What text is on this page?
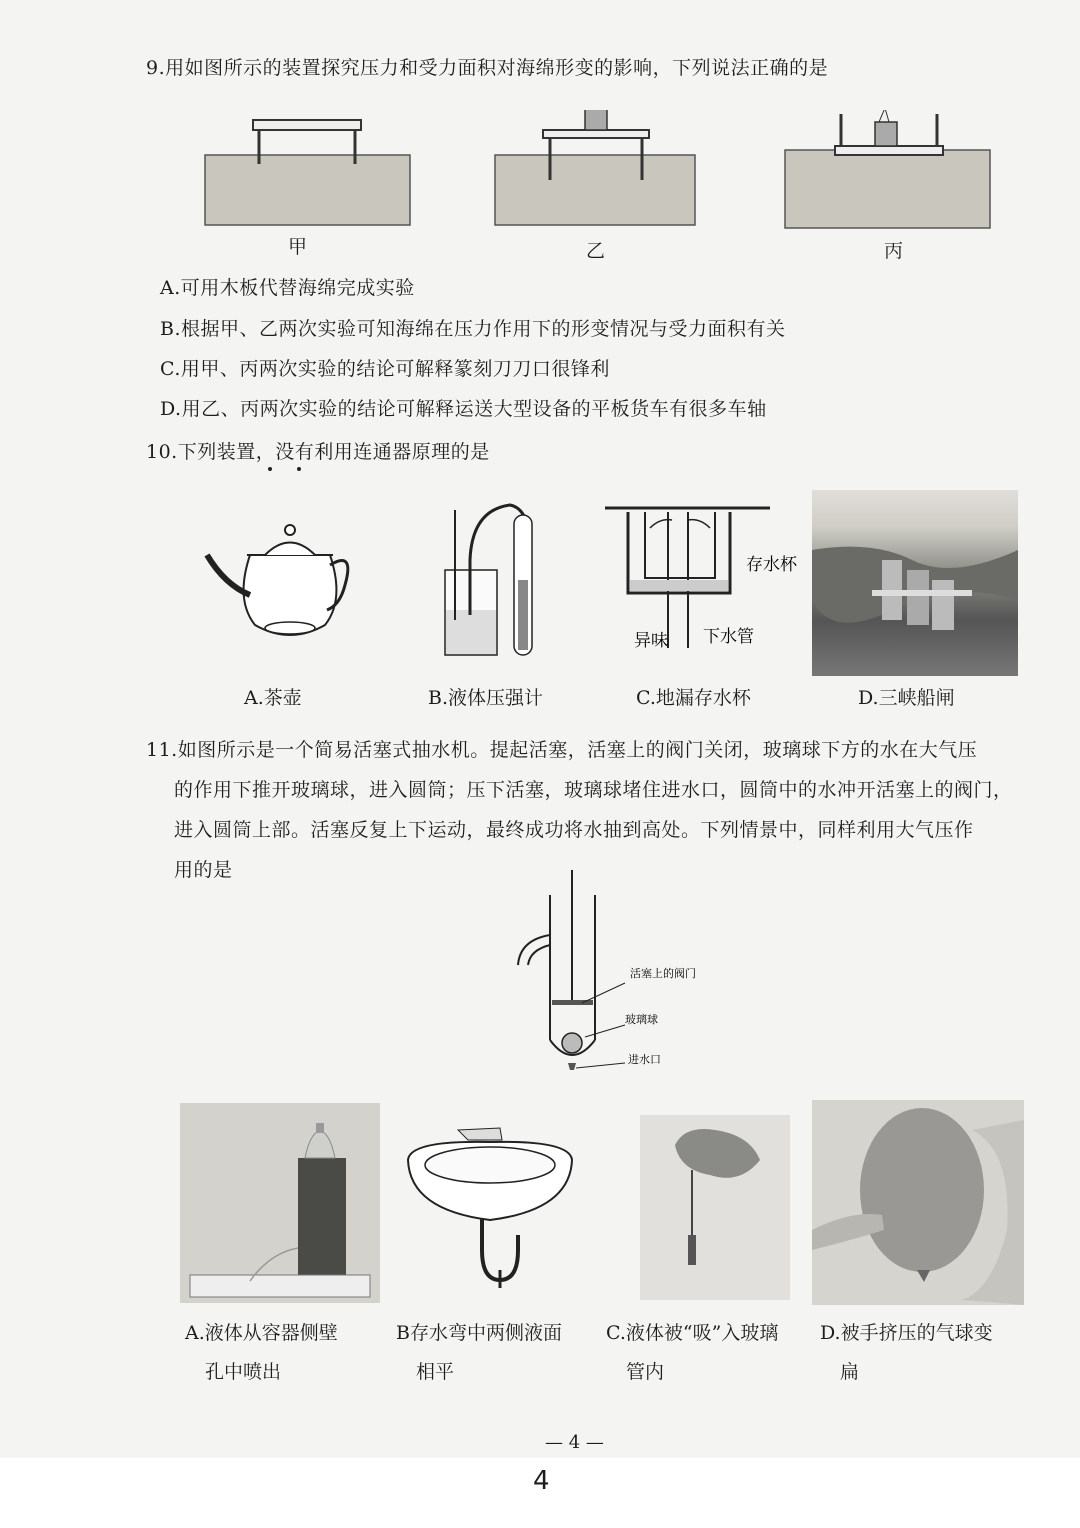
9.用如图所示的装置探究压力和受力面积对海绵形变的影响，下列说法正确的是
甲	乙	丙
A.可用木板代替海绵完成实验
B.根据甲、乙两次实验可知海绵在压力作用下的形变情况与受力面积有关
C.用甲、丙两次实验的结论可解释篆刻刀刀口很锋利
D.用乙、丙两次实验的结论可解释运送大型设备的平板货车有很多车轴
10.下列装置，没有利用连通器原理的是
存水杯
异味 下水管
A.茶壶	B.液体压强计	C.地漏存水杯	D.三峡船闸
11.如图所示是一个简易活塞式抽水机。提起活塞，活塞上的阀门关闭，玻璃球下方的水在大气压
的作用下推开玻璃球，进入圆筒；压下活塞，玻璃球堵住进水口，圆筒中的水冲开活塞上的阀门，
进入圆筒上部。活塞反复上下运动，最终成功将水抽到高处。下列情景中，同样利用大气压作
用的是
活塞上的阀门
玻璃球
进水口
A.液体从容器侧壁
孔中喷出
B存水弯中两侧液面
相平
C.液体被“吸”入玻璃
管内
D.被手挤压的气球变
扁
— 4 —
4
